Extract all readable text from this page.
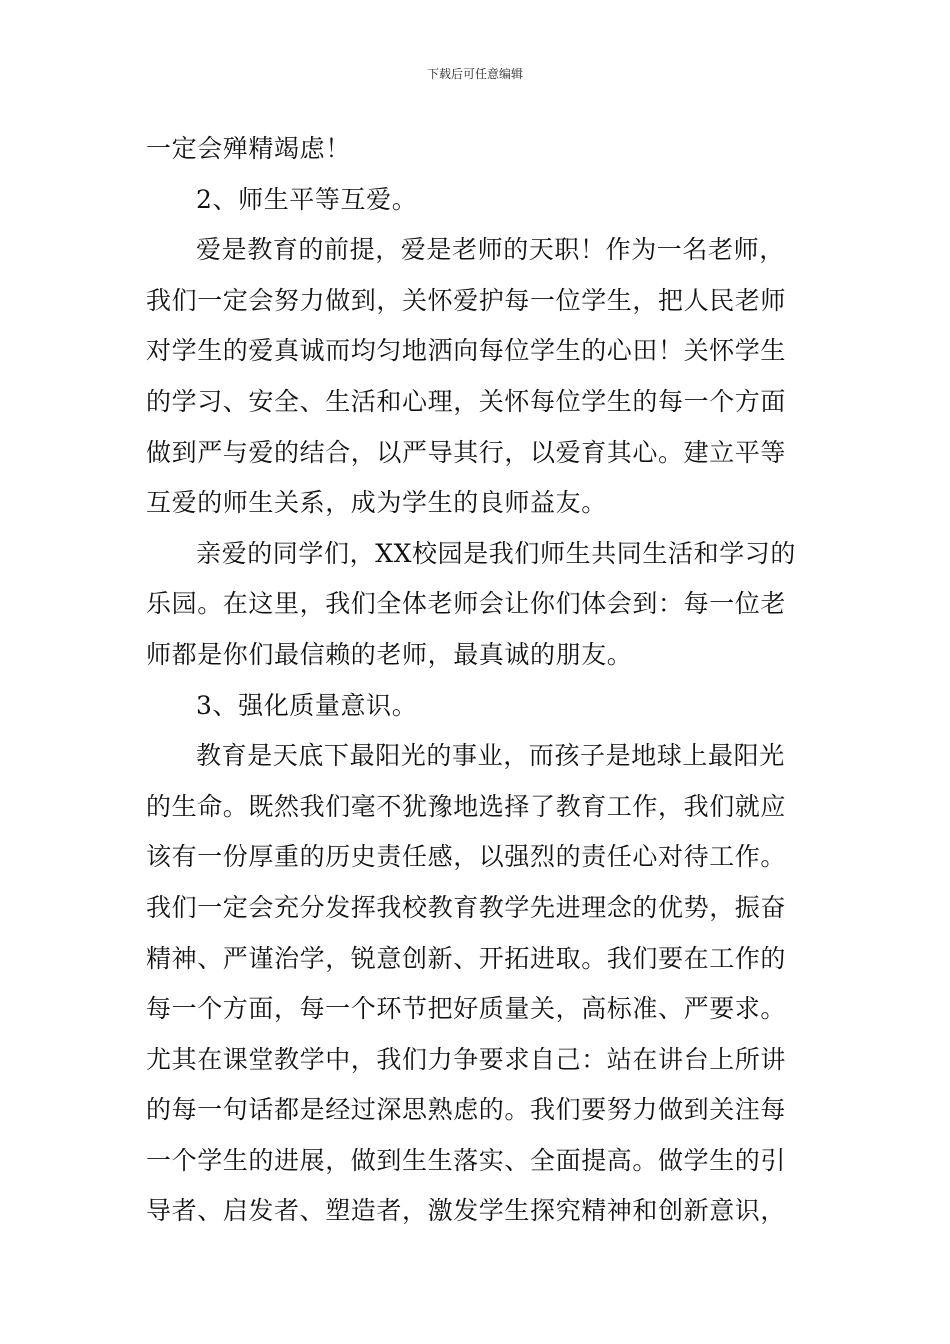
下载后可任意编辑
一定会殚精竭虑！
2、师生平等互爱。
爱是教育的前提，爱是老师的天职！作为一名老师，
我们一定会努力做到，关怀爱护每一位学生，把人民老师
对学生的爱真诚而均匀地洒向每位学生的心田！关怀学生
的学习、安全、生活和心理，关怀每位学生的每一个方面
做到严与爱的结合，以严导其行，以爱育其心。建立平等
互爱的师生关系，成为学生的良师益友。
亲爱的同学们，XX校园是我们师生共同生活和学习的
乐园。在这里，我们全体老师会让你们体会到：每一位老
师都是你们最信赖的老师，最真诚的朋友。
3、强化质量意识。
教育是天底下最阳光的事业，而孩子是地球上最阳光
的生命。既然我们毫不犹豫地选择了教育工作，我们就应
该有一份厚重的历史责任感，以强烈的责任心对待工作。
我们一定会充分发挥我校教育教学先进理念的优势，振奋
精神、严谨治学，锐意创新、开拓进取。我们要在工作的
每一个方面，每一个环节把好质量关，高标准、严要求。
尤其在课堂教学中，我们力争要求自己：站在讲台上所讲
的每一句话都是经过深思熟虑的。我们要努力做到关注每
一个学生的进展，做到生生落实、全面提高。做学生的引
导者、启发者、塑造者，激发学生探究精神和创新意识，
